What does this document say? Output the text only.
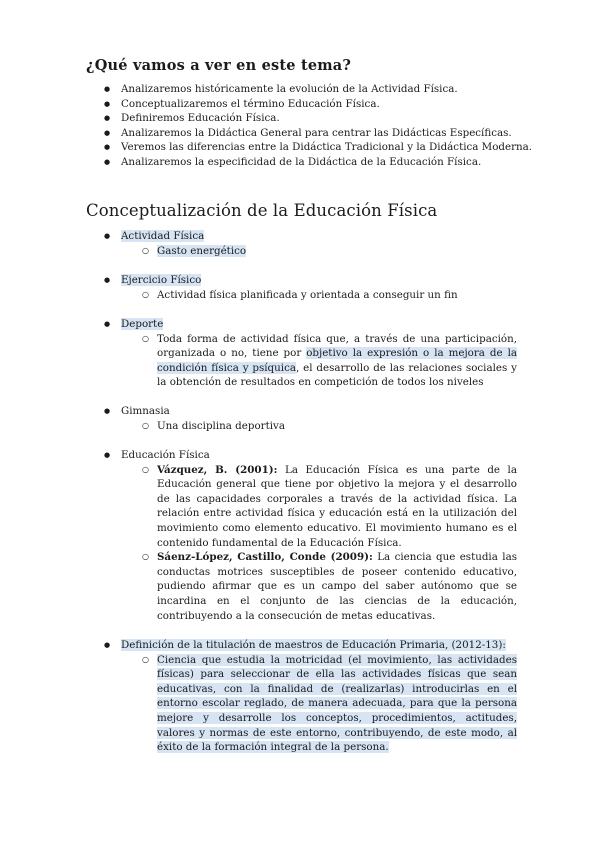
¿Qué vamos a ver en este tema?
● Analizaremos históricamente la evolución de la Actividad Física.
● Conceptualizaremos el término Educación Física.
● Definiremos Educación Física.
● Analizaremos la Didáctica General para centrar las Didácticas Específicas.
● Veremos las diferencias entre la Didáctica Tradicional y la Didáctica Moderna.
● Analizaremos la especificidad de la Didáctica de la Educación Física.
Conceptualización de la Educación Física
● Actividad Física
○ Gasto energético
● Ejercicio Físico
○ Actividad física planificada y orientada a conseguir un fin
● Deporte
○ Toda forma de actividad física que, a través de una participación, organizada o no, tiene por objetivo la expresión o la mejora de la condición física y psíquica, el desarrollo de las relaciones sociales y la obtención de resultados en competición de todos los niveles
● Gimnasia
○ Una disciplina deportiva
● Educación Física
○ Vázquez, B. (2001): La Educación Física es una parte de la Educación general que tiene por objetivo la mejora y el desarrollo de las capacidades corporales a través de la actividad física. La relación entre actividad física y educación está en la utilización del movimiento como elemento educativo. El movimiento humano es el contenido fundamental de la Educación Física.
○ Sáenz-López, Castillo, Conde (2009): La ciencia que estudia las conductas motrices susceptibles de poseer contenido educativo, pudiendo afirmar que es un campo del saber autónomo que se incardina en el conjunto de las ciencias de la educación, contribuyendo a la consecución de metas educativas.
● Definición de la titulación de maestros de Educación Primaria, (2012-13):
○ Ciencia que estudia la motricidad (el movimiento, las actividades físicas) para seleccionar de ella las actividades físicas que sean educativas, con la finalidad de (realizarlas) introducirlas en el entorno escolar reglado, de manera adecuada, para que la persona mejore y desarrolle los conceptos, procedimientos, actitudes, valores y normas de este entorno, contribuyendo, de este modo, al éxito de la formación integral de la persona.
